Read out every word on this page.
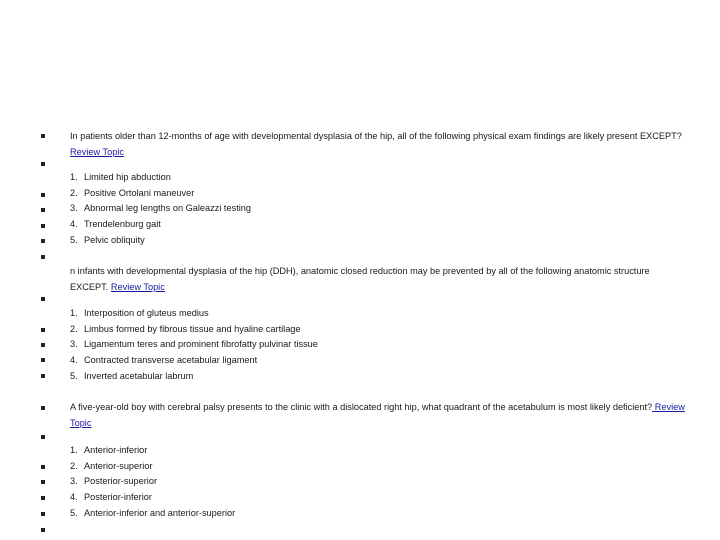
In patients older than 12-months of age with developmental dysplasia of the hip, all of the following physical exam findings are likely present EXCEPT? Review Topic
1. Limited hip abduction
2. Positive Ortolani maneuver
3. Abnormal leg lengths on Galeazzi testing
4. Trendelenburg gait
5. Pelvic obliquity
n infants with developmental dysplasia of the hip (DDH), anatomic closed reduction may be prevented by all of the following anatomic structure EXCEPT. Review Topic
1. Interposition of gluteus medius
2. Limbus formed by fibrous tissue and hyaline cartilage
3. Ligamentum teres and prominent fibrofatty pulvinar tissue
4. Contracted transverse acetabular ligament
5. Inverted acetabular labrum
A five-year-old boy with cerebral palsy presents to the clinic with a dislocated right hip, what quadrant of the acetabulum is most likely deficient? Review Topic
1. Anterior-inferior
2. Anterior-superior
3. Posterior-superior
4. Posterior-inferior
5. Anterior-inferior and anterior-superior
